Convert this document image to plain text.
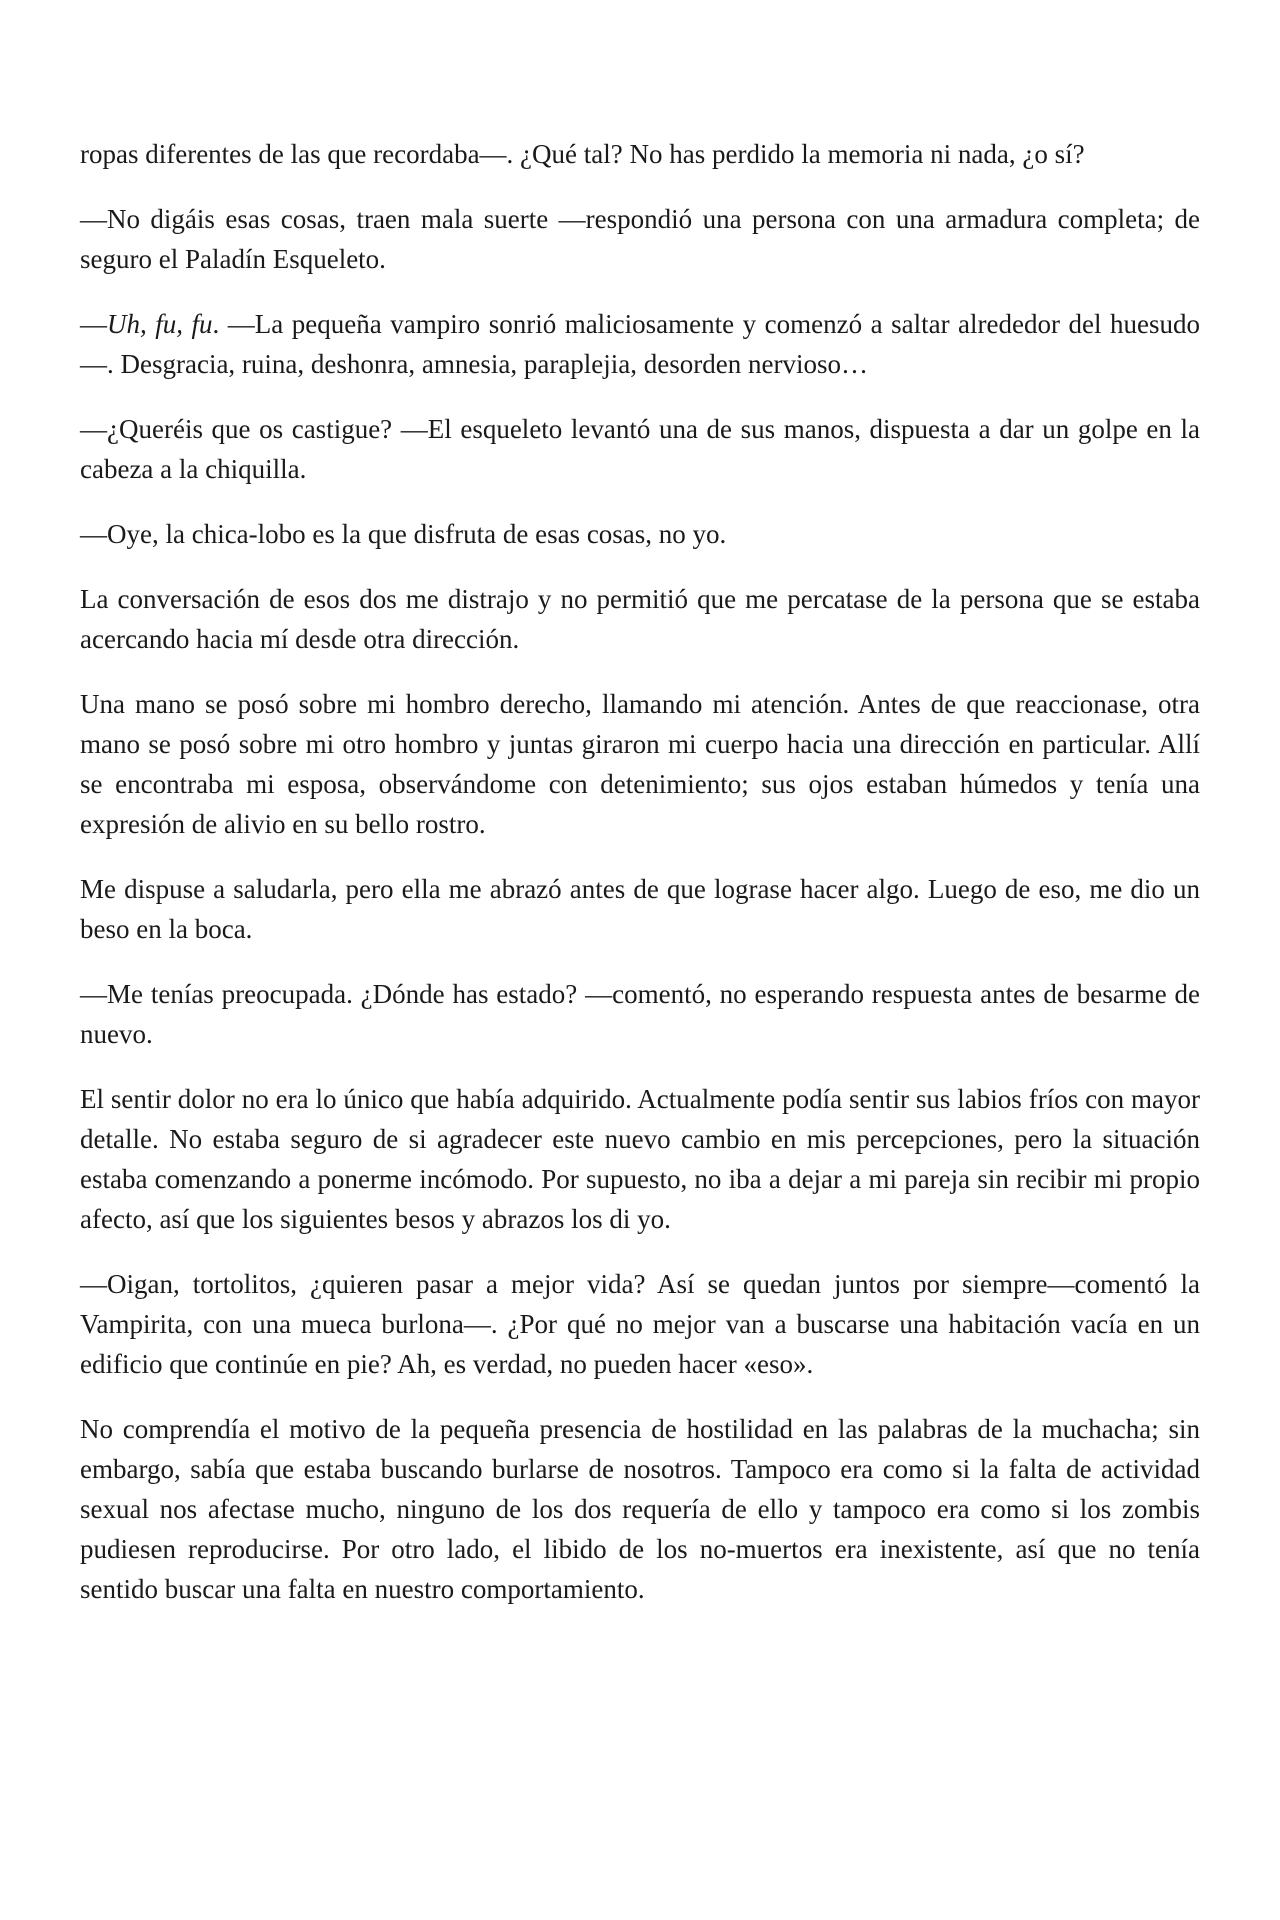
ropas diferentes de las que recordaba—. ¿Qué tal? No has perdido la memoria ni nada, ¿o sí?

—No digáis esas cosas, traen mala suerte —respondió una persona con una armadura completa; de seguro el Paladín Esqueleto.

—Uh, fu, fu. —La pequeña vampiro sonrió maliciosamente y comenzó a saltar alrededor del huesudo—. Desgracia, ruina, deshonra, amnesia, paraplejia, desorden nervioso…

—¿Queréis que os castigue? —El esqueleto levantó una de sus manos, dispuesta a dar un golpe en la cabeza a la chiquilla.

—Oye, la chica-lobo es la que disfruta de esas cosas, no yo.

La conversación de esos dos me distrajo y no permitió que me percatase de la persona que se estaba acercando hacia mí desde otra dirección.

Una mano se posó sobre mi hombro derecho, llamando mi atención. Antes de que reaccionase, otra mano se posó sobre mi otro hombro y juntas giraron mi cuerpo hacia una dirección en particular. Allí se encontraba mi esposa, observándome con detenimiento; sus ojos estaban húmedos y tenía una expresión de alivio en su bello rostro.

Me dispuse a saludarla, pero ella me abrazó antes de que lograse hacer algo. Luego de eso, me dio un beso en la boca.

—Me tenías preocupada. ¿Dónde has estado? —comentó, no esperando respuesta antes de besarme de nuevo.

El sentir dolor no era lo único que había adquirido. Actualmente podía sentir sus labios fríos con mayor detalle. No estaba seguro de si agradecer este nuevo cambio en mis percepciones, pero la situación estaba comenzando a ponerme incómodo. Por supuesto, no iba a dejar a mi pareja sin recibir mi propio afecto, así que los siguientes besos y abrazos los di yo.

—Oigan, tortolitos, ¿quieren pasar a mejor vida? Así se quedan juntos por siempre—comentó la Vampirita, con una mueca burlona—. ¿Por qué no mejor van a buscarse una habitación vacía en un edificio que continúe en pie? Ah, es verdad, no pueden hacer «eso».

No comprendía el motivo de la pequeña presencia de hostilidad en las palabras de la muchacha; sin embargo, sabía que estaba buscando burlarse de nosotros. Tampoco era como si la falta de actividad sexual nos afectase mucho, ninguno de los dos requería de ello y tampoco era como si los zombis pudiesen reproducirse. Por otro lado, el libido de los no-muertos era inexistente, así que no tenía sentido buscar una falta en nuestro comportamiento.
